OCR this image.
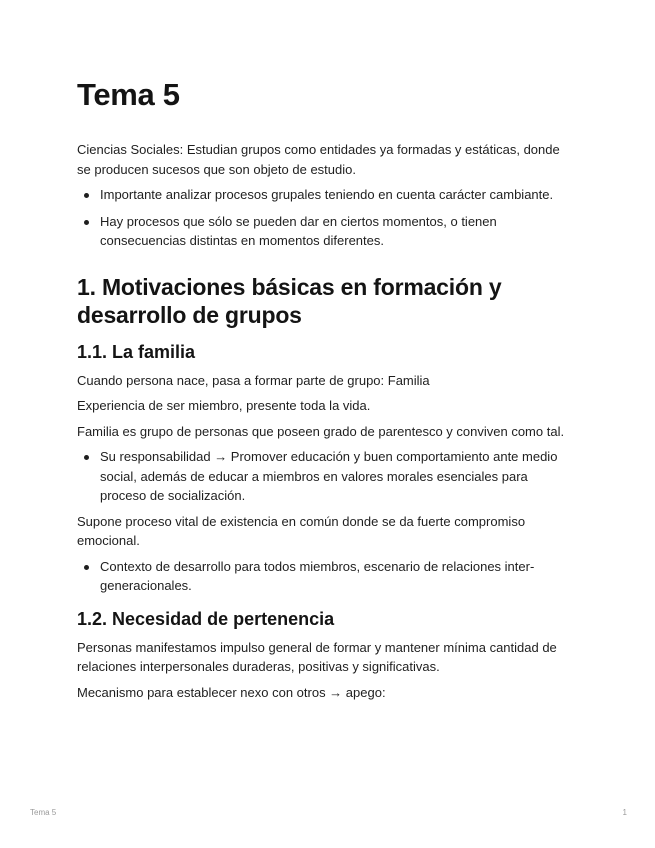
Tema 5

Ciencias Sociales: Estudian grupos como entidades ya formadas y estáticas, donde se producen sucesos que son objeto de estudio.

Importante analizar procesos grupales teniendo en cuenta carácter cambiante.
Hay procesos que sólo se pueden dar en ciertos momentos, o tienen consecuencias distintas en momentos diferentes.
1. Motivaciones básicas en formación y desarrollo de grupos
1.1. La familia

Cuando persona nace, pasa a formar parte de grupo: Familia

Experiencia de ser miembro, presente toda la vida.

Familia es grupo de personas que poseen grado de parentesco y conviven como tal.

Su responsabilidad → Promover educación y buen comportamiento ante medio social, además de educar a miembros en valores morales esenciales para proceso de socialización.

Supone proceso vital de existencia en común donde se da fuerte compromiso emocional.

Contexto de desarrollo para todos miembros, escenario de relaciones inter-generacionales.
1.2. Necesidad de pertenencia

Personas manifestamos impulso general de formar y mantener mínima cantidad de relaciones interpersonales duraderas, positivas y significativas.

Mecanismo para establecer nexo con otros → apego:

Tema 5	1
